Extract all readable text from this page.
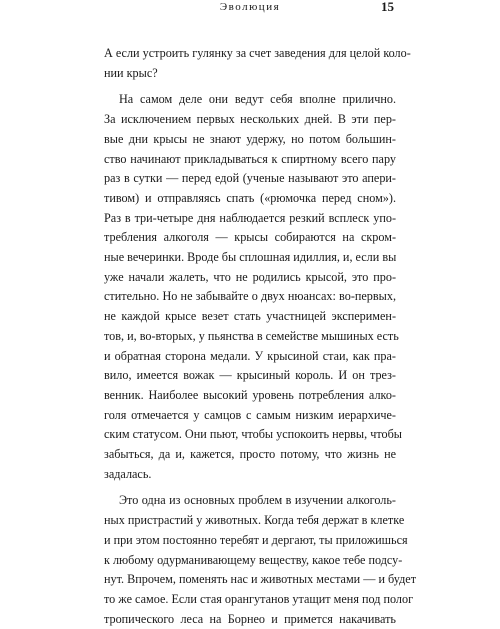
Эволюция	15

А если устроить гулянку за счет заведения для целой коло-
нии крыс?

На самом деле они ведут себя вполне прилично.
За исключением первых нескольких дней. В эти пер-
вые дни крысы не знают удержу, но потом большин-
ство начинают прикладываться к спиртному всего пару
раз в сутки — перед едой (ученые называют это апери-
тивом) и отправляясь спать («рюмочка перед сном»).
Раз в три-четыре дня наблюдается резкий всплеск упо-
требления алкоголя — крысы собираются на скром-
ные вечеринки. Вроде бы сплошная идиллия, и, если вы
уже начали жалеть, что не родились крысой, это про-
стительно. Но не забывайте о двух нюансах: во-первых,
не каждой крысе везет стать участницей эксперимен-
тов, и, во-вторых, у пьянства в семействе мышиных есть
и обратная сторона медали. У крысиной стаи, как пра-
вило, имеется вожак — крысиный король. И он трез-
венник. Наиболее высокий уровень потребления алко-
голя отмечается у самцов с самым низким иерархиче-
ским статусом. Они пьют, чтобы успокоить нервы, чтобы
забыться, да и, кажется, просто потому, что жизнь не
задалась.

Это одна из основных проблем в изучении алкоголь-
ных пристрастий у животных. Когда тебя держат в клетке
и при этом постоянно теребят и дергают, ты приложишься
к любому одурманивающему веществу, какое тебе подсу-
нут. Впрочем, поменять нас и животных местами — и будет
то же самое. Если стая орангутанов утащит меня под полог
тропического леса на Борнео и примется накачивать
